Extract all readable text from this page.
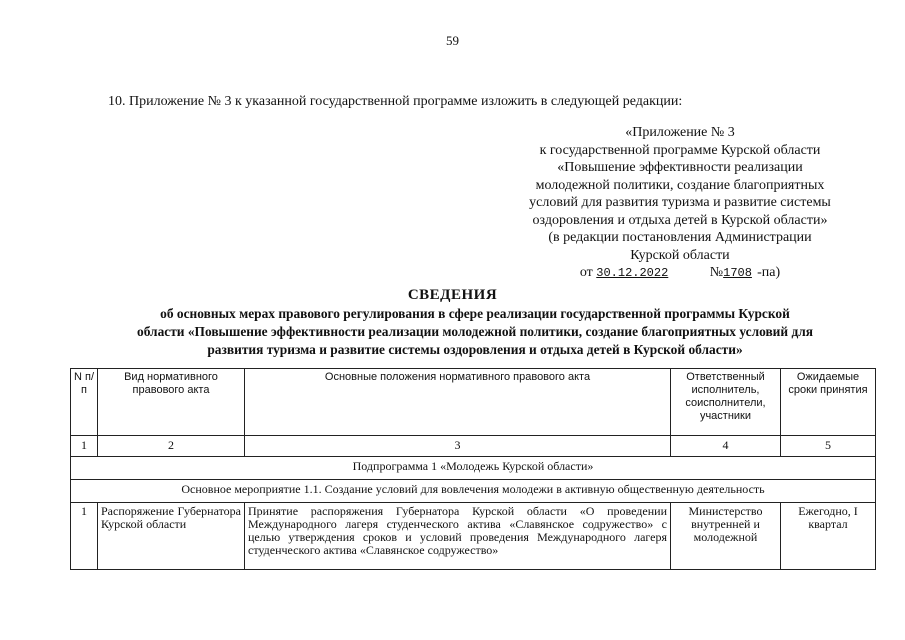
59
10. Приложение № 3 к указанной государственной программе изложить в следующей редакции:
«Приложение № 3
к государственной программе Курской области
«Повышение эффективности реализации
молодежной политики, создание благоприятных
условий для развития туризма и развитие системы
оздоровления и отдыха детей в Курской области»
(в редакции постановления Администрации
Курской области
от 30.12.2022	№1708 -па)
СВЕДЕНИЯ
об основных мерах правового регулирования в сфере реализации государственной программы Курской
области «Повышение эффективности реализации молодежной политики, создание благоприятных условий для
развития туризма и развитие системы оздоровления и отдыха детей в Курской области»
N п/п	Вид нормативного правового акта	Основные положения нормативного правового акта	Ответственный исполнитель, соисполнители, участники	Ожидаемые сроки принятия
1	2	3	4	5
Подпрограмма 1 «Молодежь Курской области»				
Основное мероприятие 1.1. Создание условий для вовлечения молодежи в активную общественную деятельность				
1	Распоряжение Губернатора Курской области	Принятие распоряжения Губернатора Курской области «О проведении Международного лагеря студенческого актива «Славянское содружество» с целью утверждения сроков и условий проведения Международного лагеря студенческого актива «Славянское содружество»	Министерство внутренней и молодежной	Ежегодно, I квартал
